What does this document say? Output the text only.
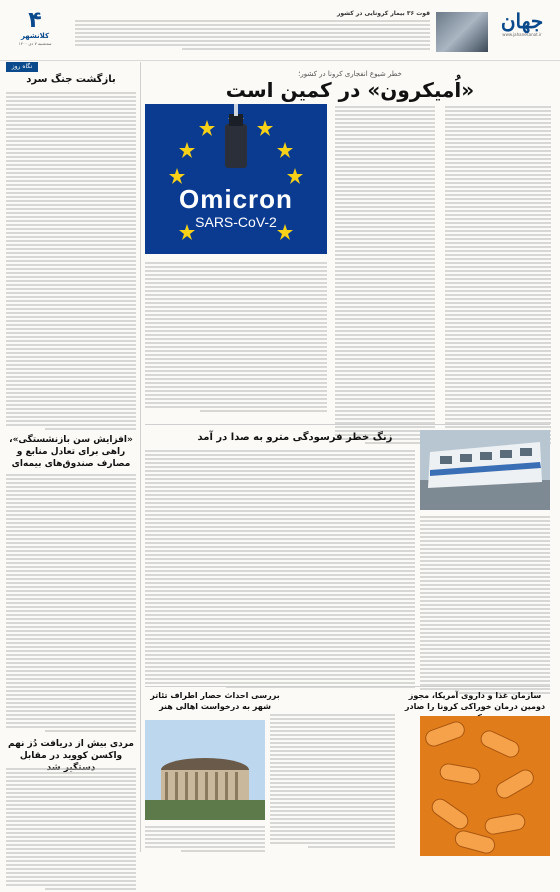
جهان
www.jahanesanat.ir
قوت ۳۶ بیمار کرونایی در کشور
۴
کلانشهر
سه‌شنبه ۷ دی ۱۴۰۰
نگاه روز
بازگشت جنگ سرد
«افزایش سن بازنشستگی»، راهی برای تعادل منابع و مصارف صندوق‌های بیمه‌ای
مردی بیش از دریافت دُز نهم واکسن کووید در مقابل
خطر شیوع انفجاری کرونا در کشور؛
«اُمیکرون» در کمین است
Omicron
SARS-CoV-2
زنگ خطر فرسودگی مترو به صدا در آمد
بررسی احداث حصار اطراف تئاتر شهر به درخواست اهالی هنر
سازمان غذا و داروی آمریکا، مجوز دومین درمان خوراکی کرونا را صادر
